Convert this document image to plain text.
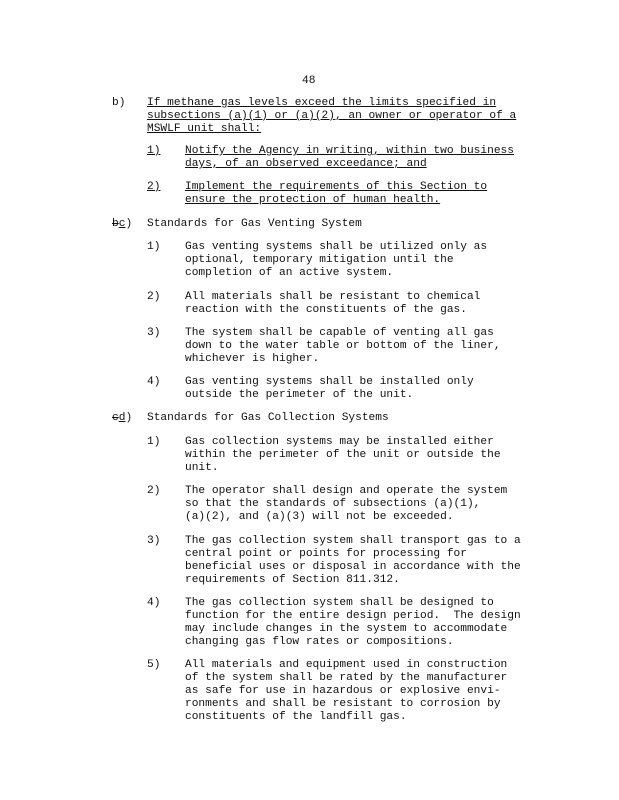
48
b) If methane gas levels exceed the limits specified in
subsections (a)(1) or (a)(2), an owner or operator of a
MSWLF unit shall:
1) Notify the Agency in writing, within two business
days, of an observed exceedance; and
2) Implement the requirements of this Section to
ensure the protection of human health.
bc) Standards for Gas Venting System
1) Gas venting systems shall be utilized only as
optional, temporary mitigation until the
completion of an active system.
2) All materials shall be resistant to chemical
reaction with the constituents of the gas.
3) The system shall be capable of venting all gas
down to the water table or bottom of the liner,
whichever is higher.
4) Gas venting systems shall be installed only
outside the perimeter of the unit.
cd) Standards for Gas Collection Systems
1) Gas collection systems may be installed either
within the perimeter of the unit or outside the
unit.
2) The operator shall design and operate the system
so that the standards of subsections (a)(1),
(a)(2), and (a)(3) will not be exceeded.
3) The gas collection system shall transport gas to a
central point or points for processing for
beneficial uses or disposal in accordance with the
requirements of Section 811.312.
4) The gas collection system shall be designed to
function for the entire design period.  The design
may include changes in the system to accommodate
changing gas flow rates or compositions.
5) All materials and equipment used in construction
of the system shall be rated by the manufacturer
as safe for use in hazardous or explosive envi-
ronments and shall be resistant to corrosion by
constituents of the landfill gas.
